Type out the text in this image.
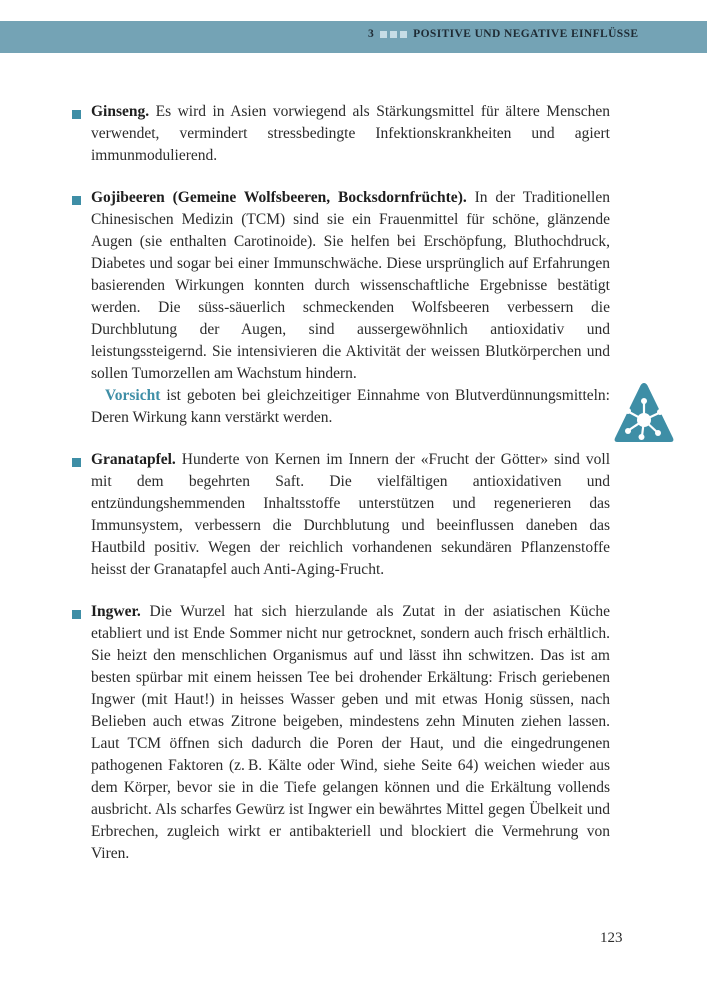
3	POSITIVE UND NEGATIVE EINFLÜSSE
Ginseng. Es wird in Asien vorwiegend als Stärkungsmittel für ältere Menschen verwendet, vermindert stressbedingte Infektionskrankheiten und agiert immunmodulierend.
Gojibeeren (Gemeine Wolfsbeeren, Bocksdornfrüchte). In der Traditionellen Chinesischen Medizin (TCM) sind sie ein Frauenmittel für schöne, glänzende Augen (sie enthalten Carotinoide). Sie helfen bei Erschöpfung, Bluthochdruck, Diabetes und sogar bei einer Immunschwäche. Diese ursprünglich auf Erfahrungen basierenden Wirkungen konnten durch wissenschaftliche Ergebnisse bestätigt werden. Die süss-säuerlich schmeckenden Wolfsbeeren verbessern die Durchblutung der Augen, sind aussergewöhnlich antioxidativ und leistungssteigernd. Sie intensivieren die Aktivität der weissen Blutkörperchen und sollen Tumorzellen am Wachstum hindern.
Vorsicht ist geboten bei gleichzeitiger Einnahme von Blutverdünnungsmitteln: Deren Wirkung kann verstärkt werden.
Granatapfel. Hunderte von Kernen im Innern der «Frucht der Götter» sind voll mit dem begehrten Saft. Die vielfältigen antioxidativen und entzündungshemmenden Inhaltsstoffe unterstützen und regenerieren das Immunsystem, verbessern die Durchblutung und beeinflussen daneben das Hautbild positiv. Wegen der reichlich vorhandenen sekundären Pflanzenstoffe heisst der Granatapfel auch Anti-Aging-Frucht.
Ingwer. Die Wurzel hat sich hierzulande als Zutat in der asiatischen Küche etabliert und ist Ende Sommer nicht nur getrocknet, sondern auch frisch erhältlich. Sie heizt den menschlichen Organismus auf und lässt ihn schwitzen. Das ist am besten spürbar mit einem heissen Tee bei drohender Erkältung: Frisch geriebenen Ingwer (mit Haut!) in heisses Wasser geben und mit etwas Honig süssen, nach Belieben auch etwas Zitrone beigeben, mindestens zehn Minuten ziehen lassen. Laut TCM öffnen sich dadurch die Poren der Haut, und die eingedrungenen pathogenen Faktoren (z. B. Kälte oder Wind, siehe Seite 64) weichen wieder aus dem Körper, bevor sie in die Tiefe gelangen können und die Erkältung vollends ausbricht. Als scharfes Gewürz ist Ingwer ein bewährtes Mittel gegen Übelkeit und Erbrechen, zugleich wirkt er antibakteriell und blockiert die Vermehrung von Viren.
123
